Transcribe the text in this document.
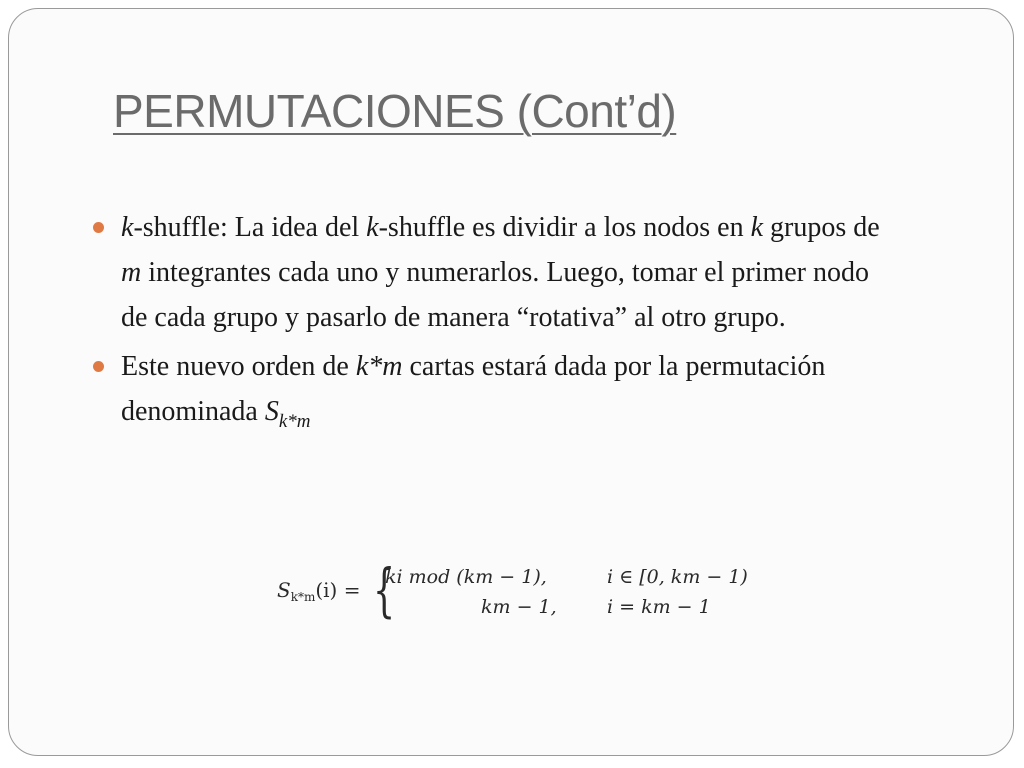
PERMUTACIONES (Cont’d)
k-shuffle: La idea del k-shuffle es dividir a los nodos en k grupos de m integrantes cada uno y numerarlos. Luego, tomar el primer nodo de cada grupo y pasarlo de manera “rotativa” al otro grupo.
Este nuevo orden de k*m cartas estará dada por la permutación denominada $S_{k*m}$
$S_{k*m}(i)$ = {
ki mod (km − 1),	i ∈ [0, km − 1)
km − 1,	i = km − 1
